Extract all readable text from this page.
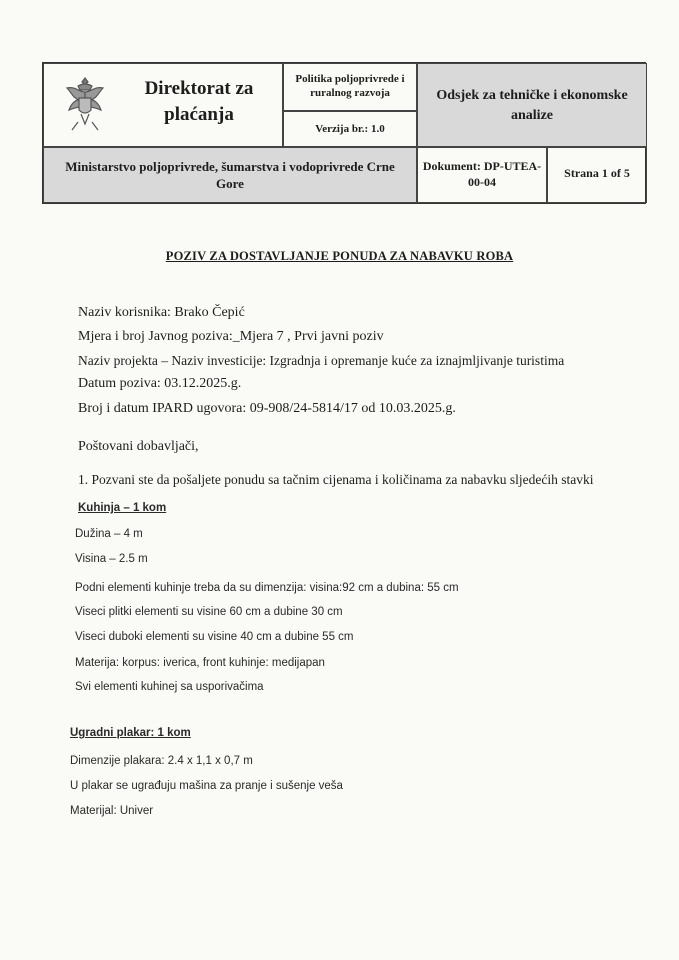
Direktorat za plaćanja
Politika poljoprivrede i ruralnog razvoja
Verzija br.: 1.0
Odsjek za tehničke i ekonomske analize
Ministarstvo poljoprivrede, šumarstva i vodoprivrede Crne Gore
Dokument: DP-UTEA-00-04
Strana 1 of 5
POZIV ZA DOSTAVLJANJE PONUDA ZA NABAVKU ROBA
Naziv korisnika: Brako Čepić
Mjera i broj Javnog poziva:_Mjera 7 , Prvi javni poziv
Naziv projekta – Naziv investicije: Izgradnja i opremanje kuće za iznajmljivanje turistima
Datum poziva: 03.12.2025.g.
Broj i datum IPARD ugovora: 09-908/24-5814/17 od 10.03.2025.g.
Poštovani dobavljači,
1. Pozvani ste da pošaljete ponudu sa tačnim cijenama i količinama za nabavku sljedećih stavki
Kuhinja – 1 kom
Dužina – 4 m
Visina – 2.5 m
Podni elementi kuhinje treba da su dimenzija: visina:92 cm a dubina: 55 cm
Viseci plitki elementi su visine 60 cm a dubine 30 cm
Viseci duboki elementi su visine 40 cm a dubine 55 cm
Materija: korpus: iverica, front kuhinje: medijapan
Svi elementi kuhinej sa usporivačima
Ugradni plakar: 1 kom
Dimenzije plakara: 2.4 x 1,1 x 0,7 m
U plakar se ugrađuju mašina za pranje i sušenje veša
Materijal: Univer
